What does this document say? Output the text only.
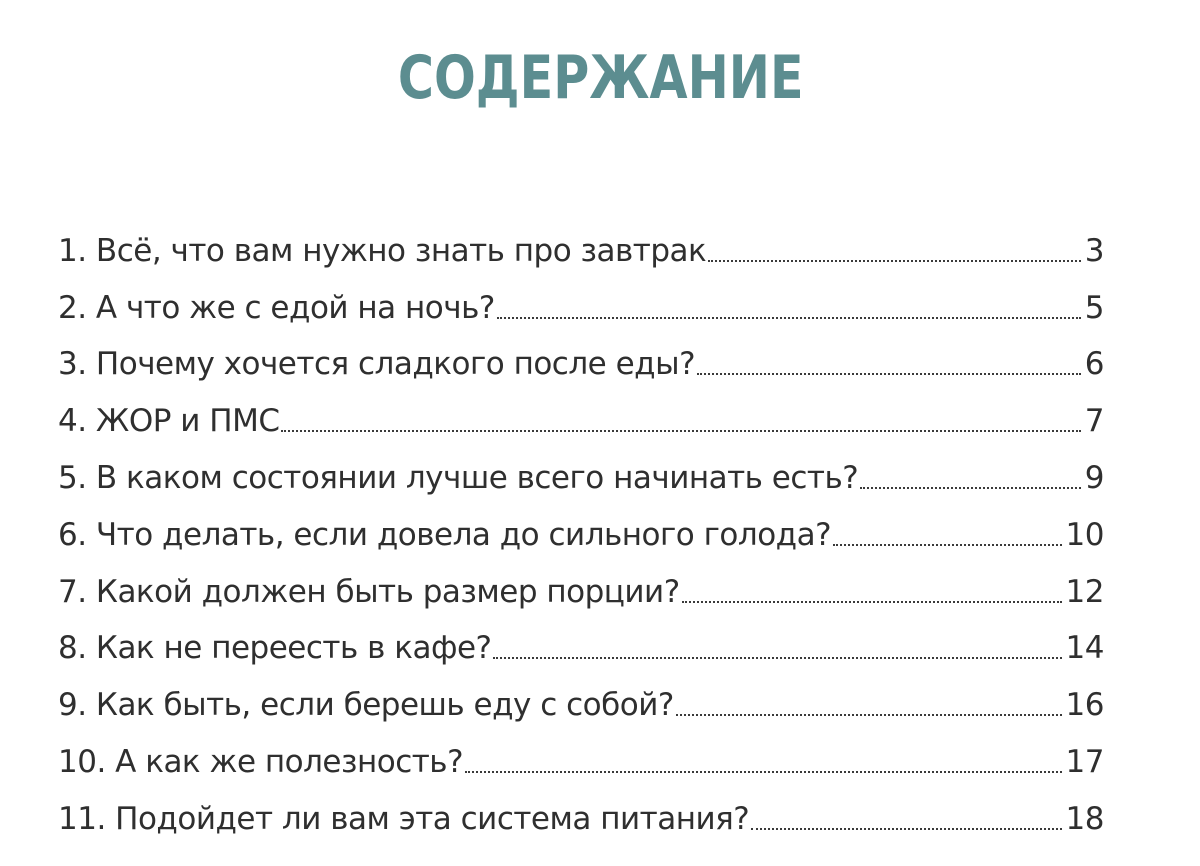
СОДЕРЖАНИЕ
1. Всё, что вам нужно знать про завтрак	3
2. А что же с едой на ночь?	5
3. Почему хочется сладкого после еды?	6
4. ЖОР и ПМС	7
5. В каком состоянии лучше всего начинать есть?	9
6. Что делать, если довела до сильного голода?	10
7. Какой должен быть размер порции?	12
8. Как не переесть в кафе?	14
9. Как быть, если берешь еду с собой?	16
10. А как же полезность?	17
11. Подойдет ли вам эта система питания?	18
